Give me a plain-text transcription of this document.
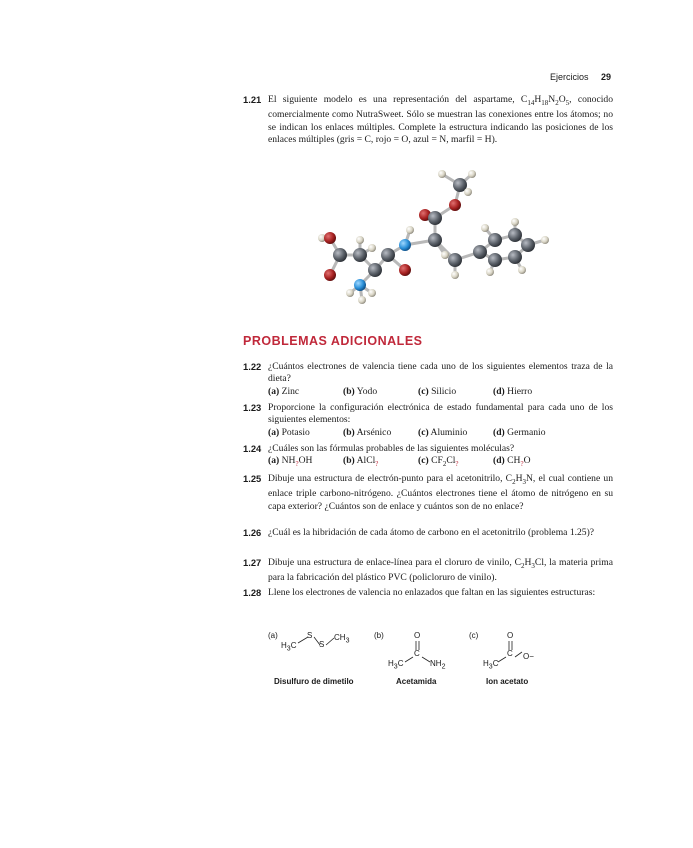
Ejercicios 29
1.21 El siguiente modelo es una representación del aspartame, $C_{14}H_{18}N_2O_5$, conocido comercialmente como NutraSweet. Sólo se muestran las conexiones entre los átomos; no se indican los enlaces múltiples. Complete la estructura indicando las posiciones de los enlaces múltiples (gris = C, rojo = O, azul = N, marfil = H).
PROBLEMAS ADICIONALES
1.22 ¿Cuántos electrones de valencia tiene cada uno de los siguientes elementos traza de la dieta?
(a) Zinc	(b) Yodo	(c) Silicio	(d) Hierro
1.23 Proporcione la configuración electrónica de estado fundamental para cada uno de los siguientes elementos:
(a) Potasio	(b) Arsénico	(c) Aluminio	(d) Germanio
1.24 ¿Cuáles son las fórmulas probables de las siguientes moléculas?
(a) $NH_?OH$	(b) AlCl$_?$	(c) $CF_2Cl_?$	(d) $CH_?O$
1.25 Dibuje una estructura de electrón-punto para el acetonitrilo, $C_2H_3N$, el cual contiene un enlace triple carbono-nitrógeno. ¿Cuántos electrones tiene el átomo de nitrógeno en su capa exterior? ¿Cuántos son de enlace y cuántos son de no enlace?
1.26 ¿Cuál es la hibridación de cada átomo de carbono en el acetonitrilo (problema 1.25)?
1.27 Dibuje una estructura de enlace-línea para el cloruro de vinilo, $C_2H_3Cl$, la materia prima para la fabricación del plástico PVC (policloruro de vinilo).
1.28 Llene los electrones de valencia no enlazados que faltan en las siguientes estructuras:
(a)
$H_3C$
S
S
$CH_3$
Disulfuro de dimetilo
(b)	O
C
$H_3C$	$NH_2$
Acetamida
(c)	O
C
$H_3C$
O−
Ion acetato
